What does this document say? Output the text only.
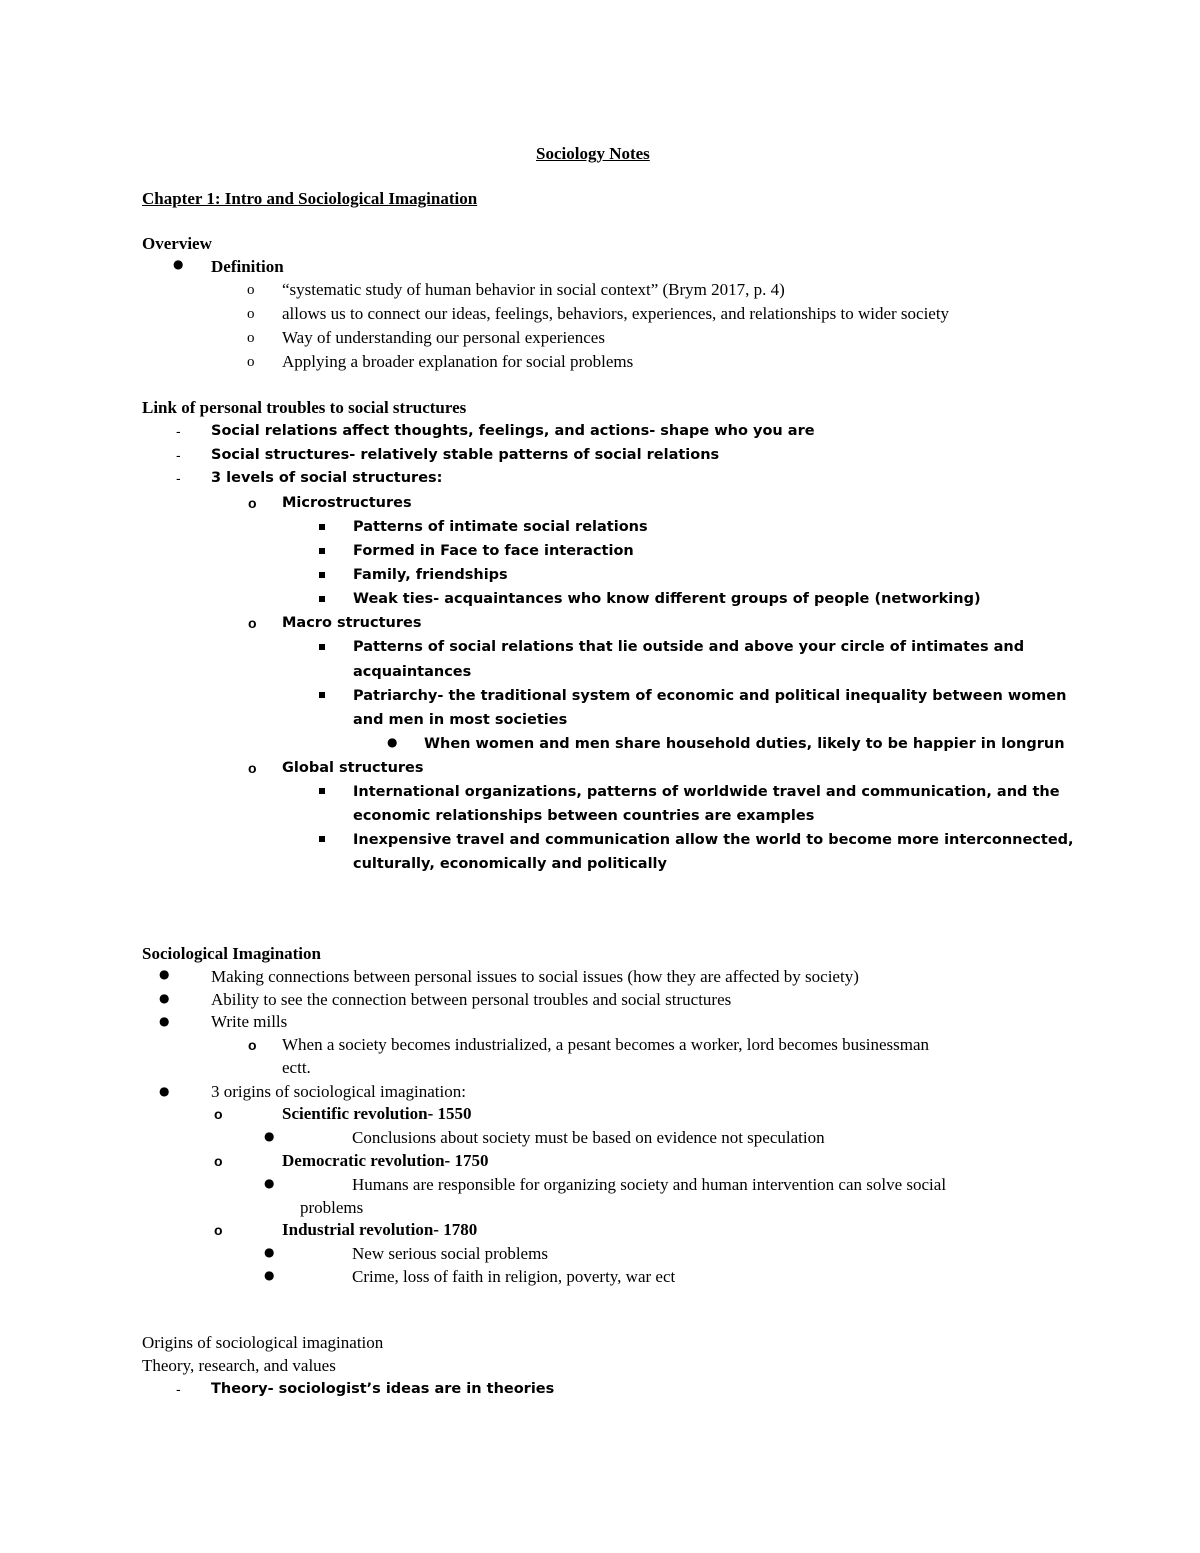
Sociology Notes
Chapter 1: Intro and Sociological Imagination
Overview
● Definition
o “systematic study of human behavior in social context” (Brym 2017, p. 4)
o allows us to connect our ideas, feelings, behaviors, experiences, and relationships to wider society
o Way of understanding our personal experiences
o Applying a broader explanation for social problems
Link of personal troubles to social structures
- Social relations affect thoughts, feelings, and actions- shape who you are
- Social structures- relatively stable patterns of social relations
- 3 levels of social structures:
o Microstructures
Patterns of intimate social relations
Formed in Face to face interaction
Family, friendships
Weak ties- acquaintances who know different groups of people (networking)
o Macro structures
Patterns of social relations that lie outside and above your circle of intimates and
acquaintances
Patriarchy- the traditional system of economic and political inequality between women
and men in most societies
● When women and men share household duties, likely to be happier in longrun
o Global structures
International organizations, patterns of worldwide travel and communication, and the
economic relationships between countries are examples
Inexpensive travel and communication allow the world to become more interconnected,
culturally, economically and politically
Sociological Imagination
● Making connections between personal issues to social issues (how they are affected by society)
● Ability to see the connection between personal troubles and social structures
● Write mills
o When a society becomes industrialized, a pesant becomes a worker, lord becomes businessman
ectt.
● 3 origins of sociological imagination:
o	Scientific revolution- 1550
●	Conclusions about society must be based on evidence not speculation
o	Democratic revolution- 1750
●	Humans are responsible for organizing society and human intervention can solve social
problems
o	Industrial revolution- 1780
●	New serious social problems
●	Crime, loss of faith in religion, poverty, war ect
Origins of sociological imagination
Theory, research, and values
- Theory- sociologist’s ideas are in theories
